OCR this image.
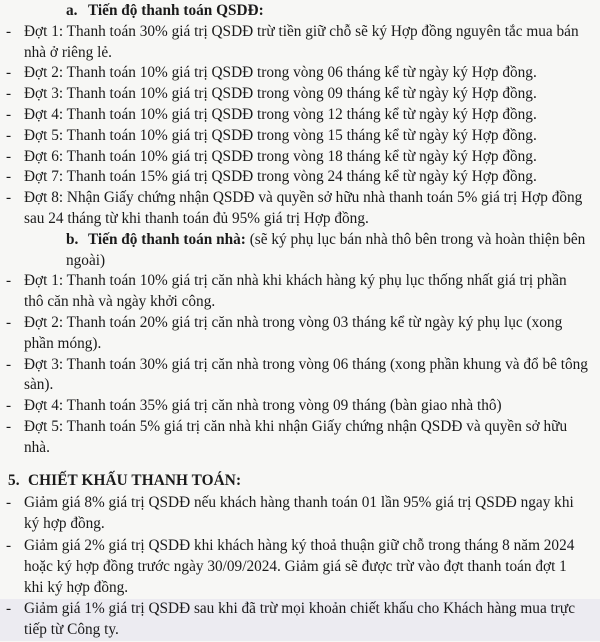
a. Tiến độ thanh toán QSDĐ:
- Đợt 1: Thanh toán 30% giá trị QSDĐ trừ tiền giữ chỗ sẽ ký Hợp đồng nguyên tắc mua bán nhà ở riêng lẻ.
- Đợt 2: Thanh toán 10% giá trị QSDĐ trong vòng 06 tháng kể từ ngày ký Hợp đồng.
- Đợt 3: Thanh toán 10% giá trị QSDĐ trong vòng 09 tháng kể từ ngày ký Hợp đồng.
- Đợt 4: Thanh toán 10% giá trị QSDĐ trong vòng 12 tháng kể từ ngày ký Hợp đồng.
- Đợt 5: Thanh toán 10% giá trị QSDĐ trong vòng 15 tháng kể từ ngày ký Hợp đồng.
- Đợt 6: Thanh toán 10% giá trị QSDĐ trong vòng 18 tháng kể từ ngày ký Hợp đồng.
- Đợt 7: Thanh toán 15% giá trị QSDĐ trong vòng 24 tháng kể từ ngày ký Hợp đồng.
- Đợt 8: Nhận Giấy chứng nhận QSDĐ và quyền sở hữu nhà thanh toán 5% giá trị Hợp đồng sau 24 tháng từ khi thanh toán đủ 95% giá trị Hợp đồng.
b. Tiến độ thanh toán nhà: (sẽ ký phụ lục bán nhà thô bên trong và hoàn thiện bên ngoài)
- Đợt 1: Thanh toán 10% giá trị căn nhà khi khách hàng ký phụ lục thống nhất giá trị phần thô căn nhà và ngày khởi công.
- Đợt 2: Thanh toán 20% giá trị căn nhà trong vòng 03 tháng kể từ ngày ký phụ lục (xong phần móng).
- Đợt 3: Thanh toán 30% giá trị căn nhà trong vòng 06 tháng (xong phần khung và đổ bê tông sàn).
- Đợt 4: Thanh toán 35% giá trị căn nhà trong vòng 09 tháng (bàn giao nhà thô)
- Đợt 5: Thanh toán 5% giá trị căn nhà khi nhận Giấy chứng nhận QSDĐ và quyền sở hữu nhà.
5. CHIẾT KHẤU THANH TOÁN:
- Giảm giá 8% giá trị QSDĐ nếu khách hàng thanh toán 01 lần 95% giá trị QSDĐ ngay khi ký hợp đồng.
- Giảm giá 2% giá trị QSDĐ khi khách hàng ký thoả thuận giữ chỗ trong tháng 8 năm 2024 hoặc ký hợp đồng trước ngày 30/09/2024. Giảm giá sẽ được trừ vào đợt thanh toán đợt 1 khi ký hợp đồng.
- Giảm giá 1% giá trị QSDĐ sau khi đã trừ mọi khoản chiết khấu cho Khách hàng mua trực tiếp từ Công ty.
